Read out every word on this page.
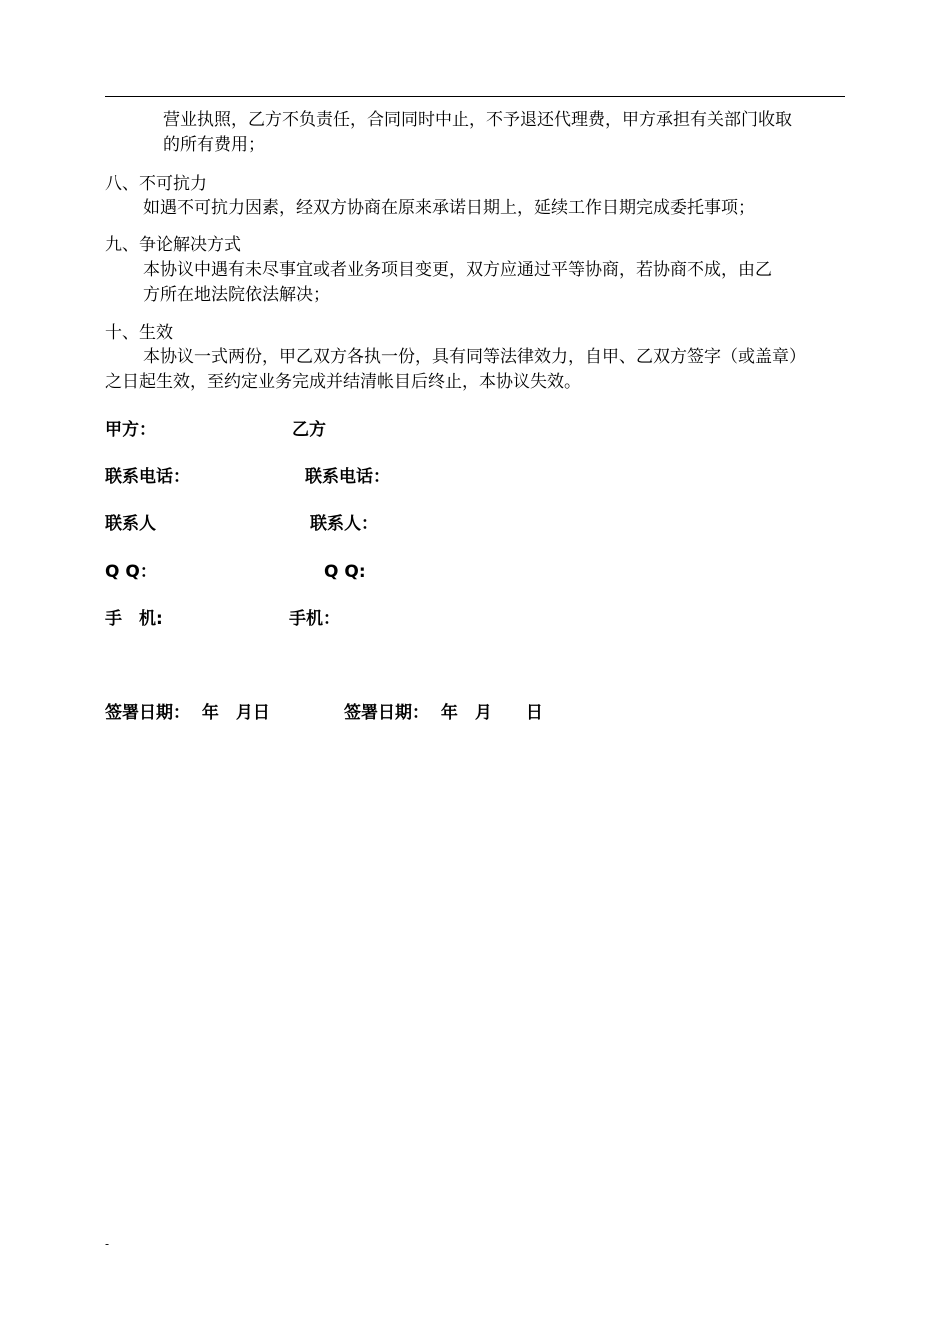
-
营业执照，乙方不负责任，合同同时中止，不予退还代理费，甲方承担有关部门收取
的所有费用；
八、不可抗力
如遇不可抗力因素，经双方协商在原来承诺日期上，延续工作日期完成委托事项；
九、争论解决方式
本协议中遇有未尽事宜或者业务项目变更，双方应通过平等协商，若协商不成，由乙
方所在地法院依法解决；
十、生效
本协议一式两份，甲乙双方各执一份，具有同等法律效力，自甲、乙双方签字（或盖章）
之日起生效，至约定业务完成并结清帐目后终止，本协议失效。
甲方：	乙方
联系电话：	联系电话：
联系人	联系人：
Q Q：	Q Q:
手　机:	手机：
签署日期：  年　月日	签署日期：  年　月　　日
-
